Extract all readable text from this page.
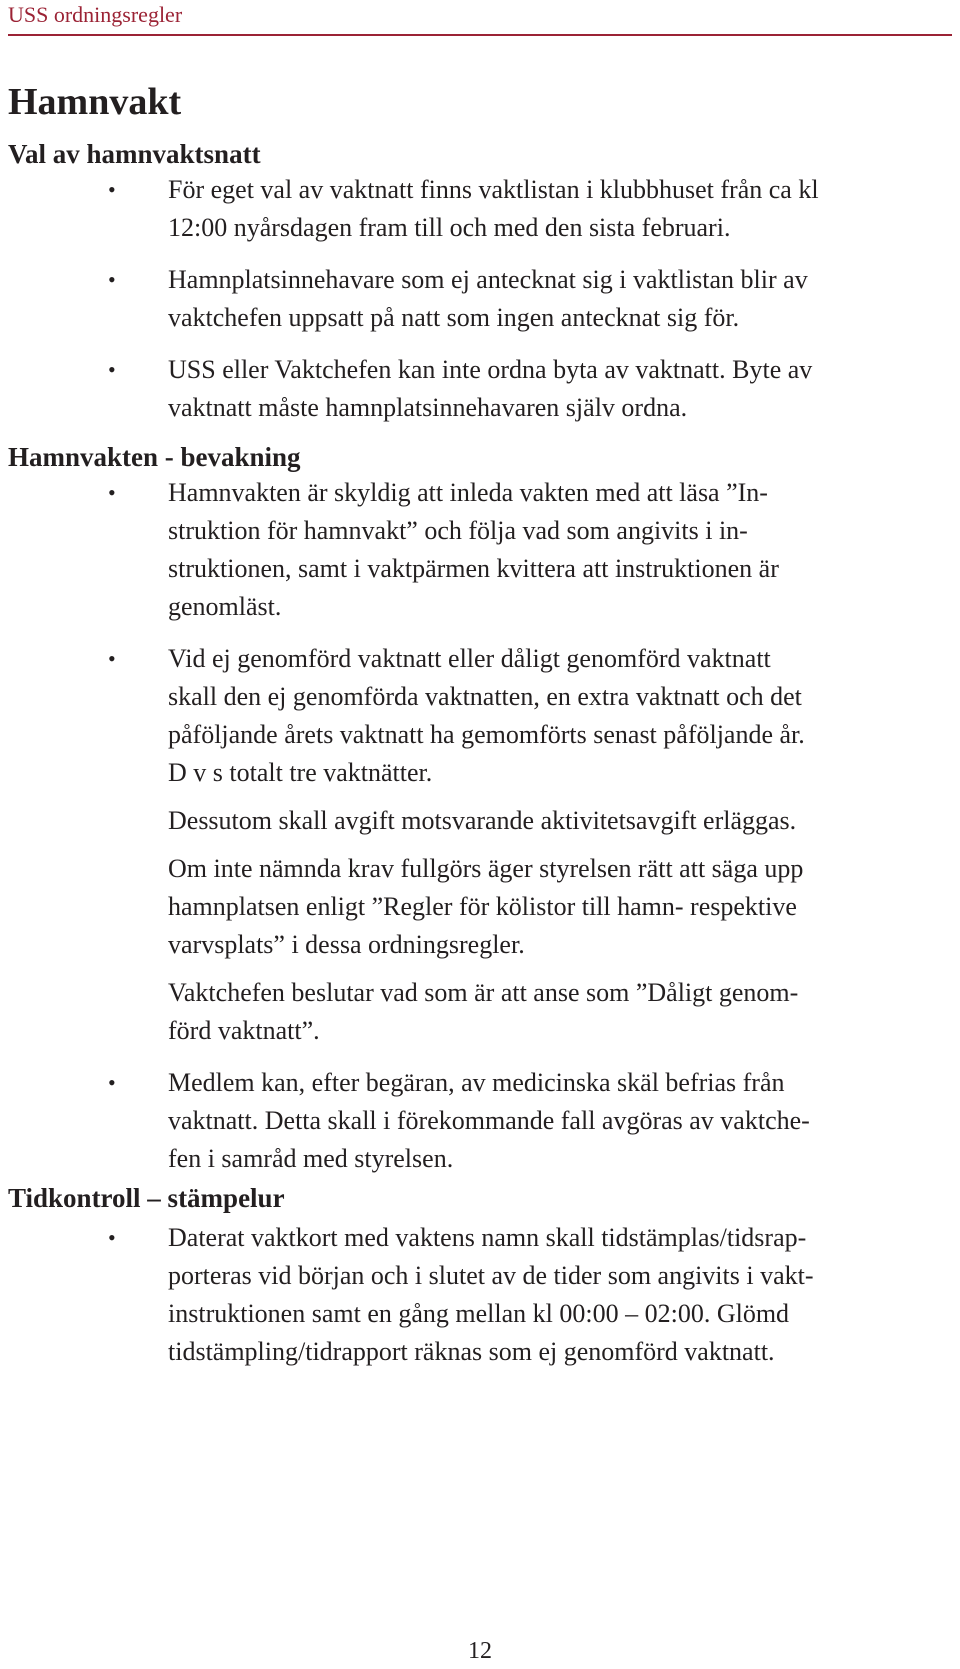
USS ordningsregler
Hamnvakt
Val av hamnvaktsnatt
• För eget val av vaktnatt finns vaktlistan i klubbhuset från ca kl
12:00 nyårsdagen fram till och med den sista februari.
• Hamnplatsinnehavare som ej antecknat sig i vaktlistan blir av
vaktchefen uppsatt på natt som ingen antecknat sig för.
• USS eller Vaktchefen kan inte ordna byta av vaktnatt. Byte av
vaktnatt måste hamnplatsinnehavaren själv ordna.
Hamnvakten - bevakning
• Hamnvakten är skyldig att inleda vakten med att läsa ”In-
struktion för hamnvakt” och följa vad som angivits i in-
struktionen, samt i vaktpärmen kvittera att instruktionen är
genomläst.
• Vid ej genomförd vaktnatt eller dåligt genomförd vaktnatt
skall den ej genomförda vaktnatten, en extra vaktnatt och det
påföljande årets vaktnatt ha gemomförts senast påföljande år.
D v s totalt tre vaktnätter.
Dessutom skall avgift motsvarande aktivitetsavgift erläggas.
Om inte nämnda krav fullgörs äger styrelsen rätt att säga upp
hamnplatsen enligt ”Regler för kölistor till hamn- respektive
varvsplats” i dessa ordningsregler.
Vaktchefen beslutar vad som är att anse som ”Dåligt genom-
förd vaktnatt”.
• Medlem kan, efter begäran, av medicinska skäl befrias från
vaktnatt. Detta skall i förekommande fall avgöras av vaktche-
fen i samråd med styrelsen.
Tidkontroll – stämpelur
• Daterat vaktkort med vaktens namn skall tidstämplas/tidsrap-
porteras vid början och i slutet av de tider som angivits i vakt-
instruktionen samt en gång mellan kl 00:00 – 02:00. Glömd
tidstämpling/tidrapport räknas som ej genomförd vaktnatt.
12
